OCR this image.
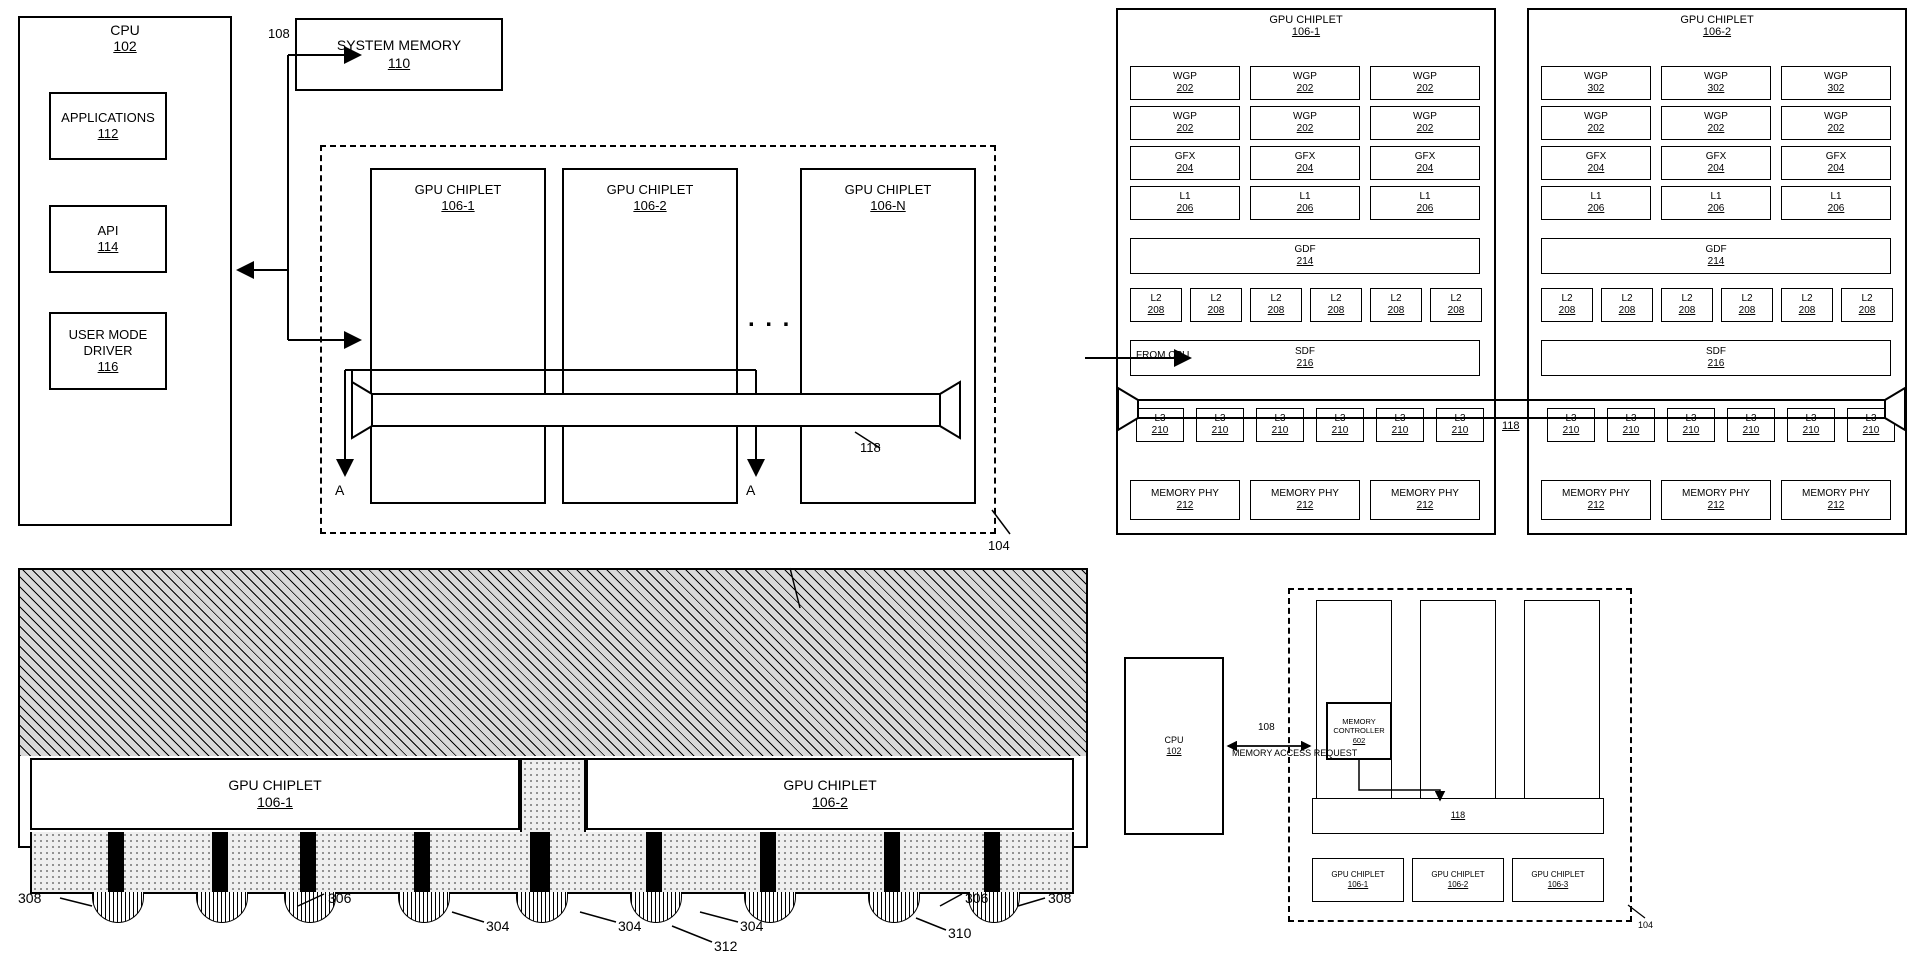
CPU
102
APPLICATIONS
112
API
114
USER MODE DRIVER
116
SYSTEM MEMORY
110
GPU CHIPLET
106-1
GPU CHIPLET
106-2
GPU CHIPLET
106-N
. . .
108
118
104
A	A
GPU CHIPLET
106-1
WGP
202
WGP
202
WGP
202
WGP
202
WGP
202
WGP
202
GFX
204
GFX
204
GFX
204
L1
206
L1
206
L1
206
GDF
214
L2
208
L2
208
L2
208
L2
208
L2
208
L2
208
SDF
216
FROM CPU
L3
210
L3
210
L3
210
L3
210
L3
210
L3
210
MEMORY PHY
212
MEMORY PHY
212
MEMORY PHY
212
GPU CHIPLET
106-2
WGP
302
WGP
302
WGP
302
WGP
202
WGP
202
WGP
202
GFX
204
GFX
204
GFX
204
L1
206
L1
206
L1
206
GDF
214
L2
208
L2
208
L2
208
L2
208
L2
208
L2
208
SDF
216
L3
210
L3
210
L3
210
L3
210
L3
210
L3
210
MEMORY PHY
212
MEMORY PHY
212
MEMORY PHY
212
118
GPU CHIPLET
106-1
GPU CHIPLET
106-2
308	308
306	306
304	304	304
312
310
CPU
102
MEMORY CONTROLLER
602
118
GPU CHIPLET
106-1
GPU CHIPLET
106-2
GPU CHIPLET
106-3
108
MEMORY ACCESS REQUEST
104
